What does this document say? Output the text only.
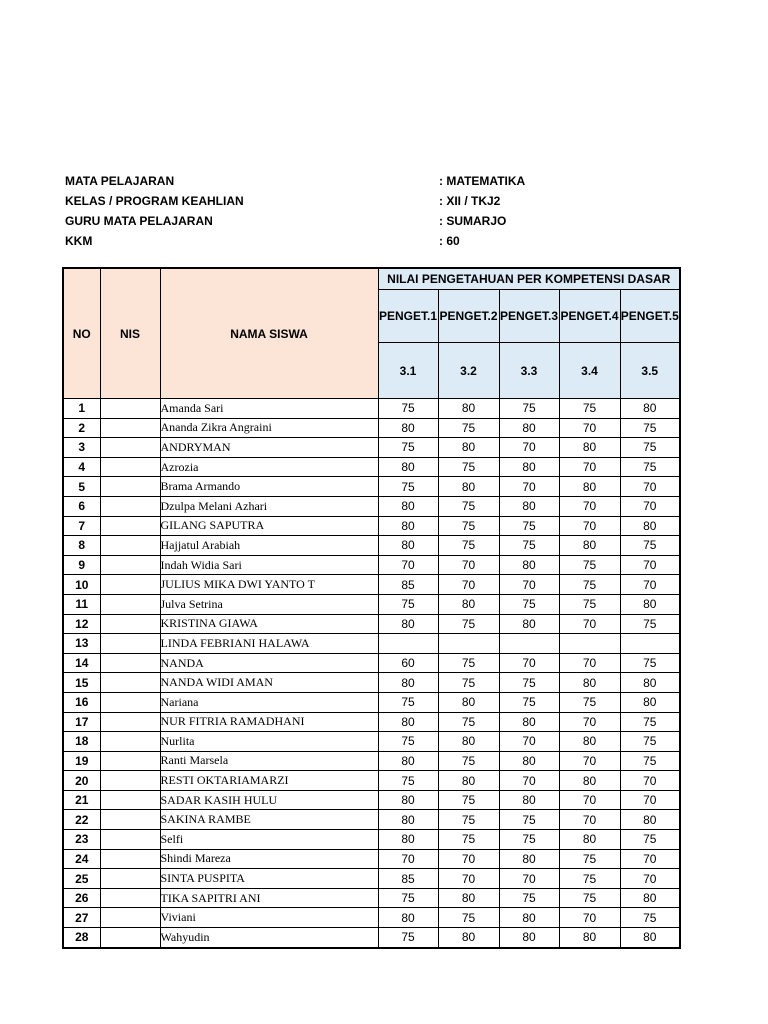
MATA PELAJARAN	: MATEMATIKA
KELAS / PROGRAM KEAHLIAN	: XII / TKJ2
GURU MATA PELAJARAN	: SUMARJO
KKM	: 60
NO	NIS	NAMA SISWA	NILAI PENGETAHUAN PER KOMPETENSI DASAR				
			PENGET.1	PENGET.2	PENGET.3	PENGET.4	PENGET.5
			3.1	3.2	3.3	3.4	3.5
1		Amanda Sari	75	80	75	75	80
2		Ananda Zikra Angraini	80	75	80	70	75
3		ANDRYMAN	75	80	70	80	75
4		Azrozia	80	75	80	70	75
5		Brama Armando	75	80	70	80	70
6		Dzulpa Melani Azhari	80	75	80	70	70
7		GILANG SAPUTRA	80	75	75	70	80
8		Hajjatul Arabiah	80	75	75	80	75
9		Indah Widia Sari	70	70	80	75	70
10		JULIUS MIKA DWI YANTO T	85	70	70	75	70
11		Julva Setrina	75	80	75	75	80
12		KRISTINA GIAWA	80	75	80	70	75
13		LINDA FEBRIANI HALAWA					
14		NANDA	60	75	70	70	75
15		NANDA WIDI AMAN	80	75	75	80	80
16		Nariana	75	80	75	75	80
17		NUR FITRIA RAMADHANI	80	75	80	70	75
18		Nurlita	75	80	70	80	75
19		Ranti Marsela	80	75	80	70	75
20		RESTI OKTARIAMARZI	75	80	70	80	70
21		SADAR KASIH HULU	80	75	80	70	70
22		SAKINA RAMBE	80	75	75	70	80
23		Selfi	80	75	75	80	75
24		Shindi Mareza	70	70	80	75	70
25		SINTA PUSPITA	85	70	70	75	70
26		TIKA SAPITRI ANI	75	80	75	75	80
27		Viviani	80	75	80	70	75
28		Wahyudin	75	80	80	80	80
